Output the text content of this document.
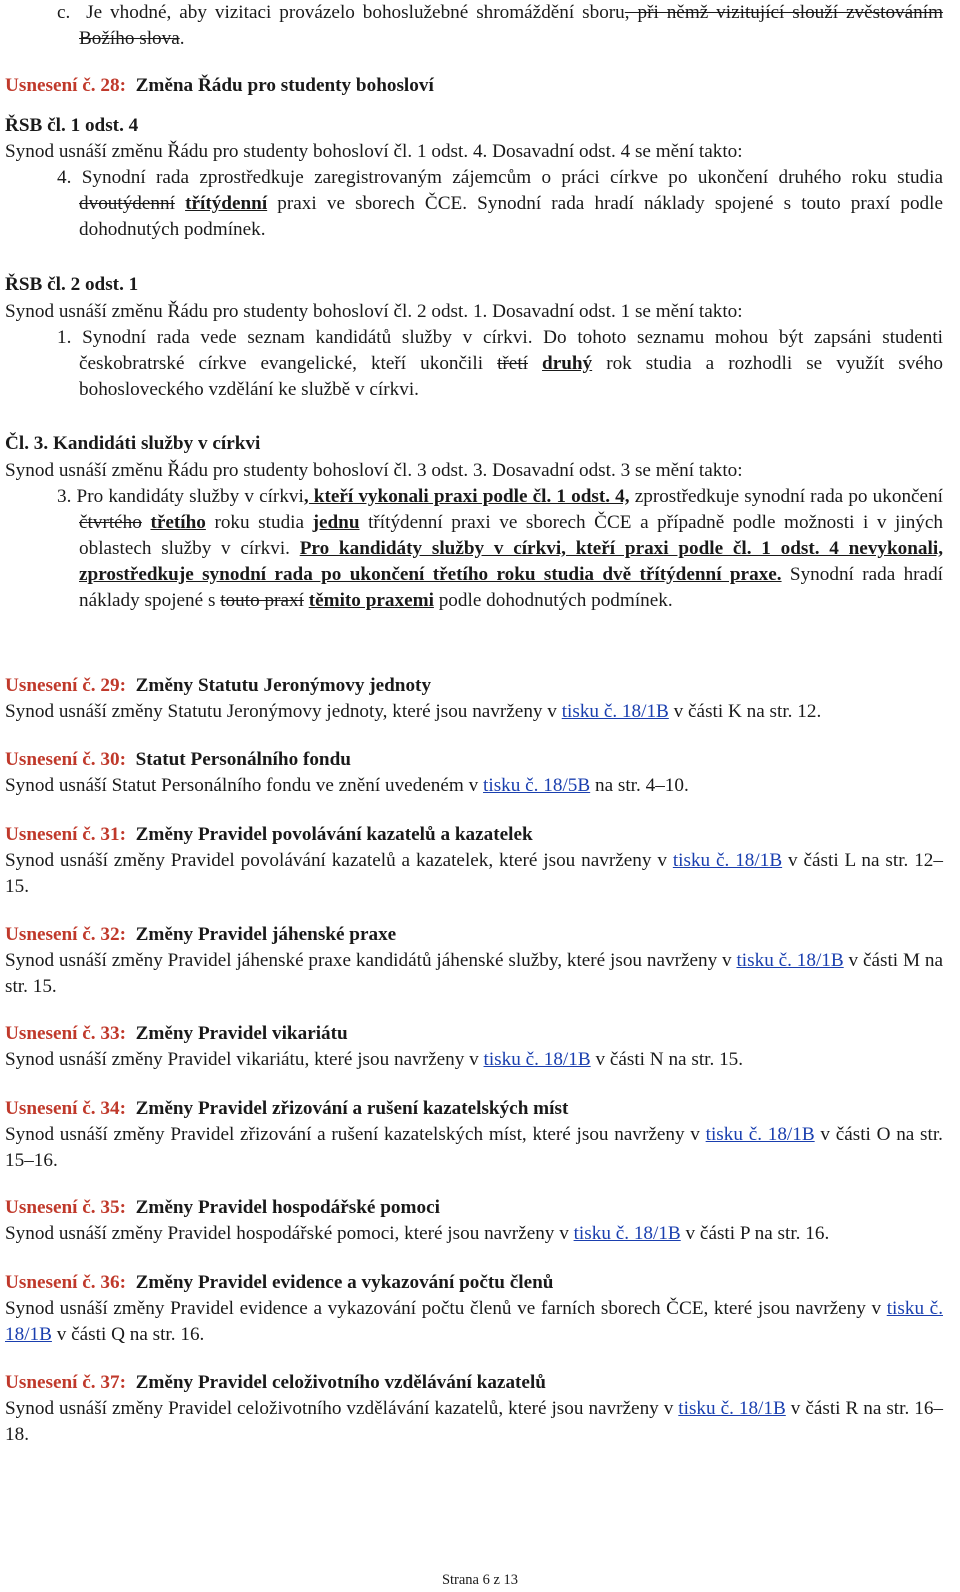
c. Je vhodné, aby vizitaci provázelo bohoslužebné shromáždění sboru, při němž vizitující slouží zvěstováním Božího slova.

Usnesení č. 28: Změna Řádu pro studenty bohosloví

ŘSB čl. 1 odst. 4

Synod usnáší změnu Řádu pro studenty bohosloví čl. 1 odst. 4. Dosavadní odst. 4 se mění takto:

4. Synodní rada zprostředkuje zaregistrovaným zájemcům o práci církve po ukončení druhého roku studia dvoutýdenní třítýdenní praxi ve sborech ČCE. Synodní rada hradí náklady spojené s touto praxí podle dohodnutých podmínek.

ŘSB čl. 2 odst. 1

Synod usnáší změnu Řádu pro studenty bohosloví čl. 2 odst. 1. Dosavadní odst. 1 se mění takto:

1. Synodní rada vede seznam kandidátů služby v církvi. Do tohoto seznamu mohou být zapsáni studenti českobratrské církve evangelické, kteří ukončili třetí druhý rok studia a rozhodli se využít svého bohosloveckého vzdělání ke službě v církvi.

Čl. 3. Kandidáti služby v církvi

Synod usnáší změnu Řádu pro studenty bohosloví čl. 3 odst. 3. Dosavadní odst. 3 se mění takto:

3. Pro kandidáty služby v církvi, kteří vykonali praxi podle čl. 1 odst. 4, zprostředkuje synodní rada po ukončení čtvrtého třetího roku studia jednu třítýdenní praxi ve sborech ČCE a případně podle možnosti i v jiných oblastech služby v církvi. Pro kandidáty služby v církvi, kteří praxi podle čl. 1 odst. 4 nevykonali, zprostředkuje synodní rada po ukončení třetího roku studia dvě třítýdenní praxe. Synodní rada hradí náklady spojené s touto praxí těmito praxemi podle dohodnutých podmínek.

Usnesení č. 29: Změny Statutu Jeronýmovy jednoty

Synod usnáší změny Statutu Jeronýmovy jednoty, které jsou navrženy v tisku č. 18/1B v části K na str. 12.

Usnesení č. 30: Statut Personálního fondu

Synod usnáší Statut Personálního fondu ve znění uvedeném v tisku č. 18/5B na str. 4–10.

Usnesení č. 31: Změny Pravidel povolávání kazatelů a kazatelek

Synod usnáší změny Pravidel povolávání kazatelů a kazatelek, které jsou navrženy v tisku č. 18/1B v části L na str. 12–15.

Usnesení č. 32: Změny Pravidel jáhenské praxe

Synod usnáší změny Pravidel jáhenské praxe kandidátů jáhenské služby, které jsou navrženy v tisku č. 18/1B v části M na str. 15.

Usnesení č. 33: Změny Pravidel vikariátu

Synod usnáší změny Pravidel vikariátu, které jsou navrženy v tisku č. 18/1B v části N na str. 15.

Usnesení č. 34: Změny Pravidel zřizování a rušení kazatelských míst

Synod usnáší změny Pravidel zřizování a rušení kazatelských míst, které jsou navrženy v tisku č. 18/1B v části O na str. 15–16.

Usnesení č. 35: Změny Pravidel hospodářské pomoci

Synod usnáší změny Pravidel hospodářské pomoci, které jsou navrženy v tisku č. 18/1B v části P na str. 16.

Usnesení č. 36: Změny Pravidel evidence a vykazování počtu členů

Synod usnáší změny Pravidel evidence a vykazování počtu členů ve farních sborech ČCE, které jsou navrženy v tisku č. 18/1B v části Q na str. 16.

Usnesení č. 37: Změny Pravidel celoživotního vzdělávání kazatelů

Synod usnáší změny Pravidel celoživotního vzdělávání kazatelů, které jsou navrženy v tisku č. 18/1B v části R na str. 16–18.

Strana 6 z 13
